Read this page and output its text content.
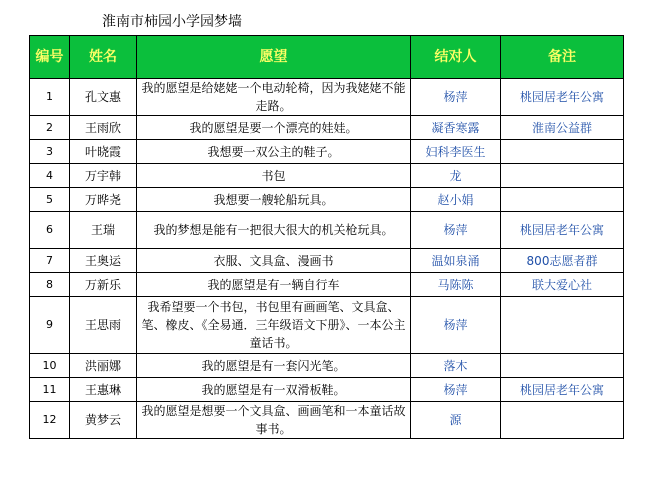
淮南市柿园小学园梦墙
编号	姓名	愿望	结对人	备注
1	孔文惠	我的愿望是给姥姥一个电动轮椅，因为我姥姥不能走路。	杨萍	桃园居老年公寓
2	王雨欣	我的愿望是要一个漂亮的娃娃。	凝香寒露	淮南公益群
3	叶晓霞	我想要一双公主的鞋子。	妇科李医生	
4	万宇韩	书包	龙	
5	万晔尧	我想要一艘轮船玩具。	赵小娟	
6	王瑞	我的梦想是能有一把很大很大的机关枪玩具。	杨萍	桃园居老年公寓
7	王奥运	衣服、文具盒、漫画书	温如泉涌	800志愿者群
8	万新乐	我的愿望是有一辆自行车	马陈陈	联大爱心社
9	王思雨	我希望要一个书包，书包里有画画笔、文具盒、笔、橡皮、《全易通．三年级语文下册》、一本公主童话书。	杨萍	
10	洪丽娜	我的愿望是有一套闪光笔。	落木	
11	王惠琳	我的愿望是有一双滑板鞋。	杨萍	桃园居老年公寓
12	黄梦云	我的愿望是想要一个文具盒、画画笔和一本童话故事书。	源	
